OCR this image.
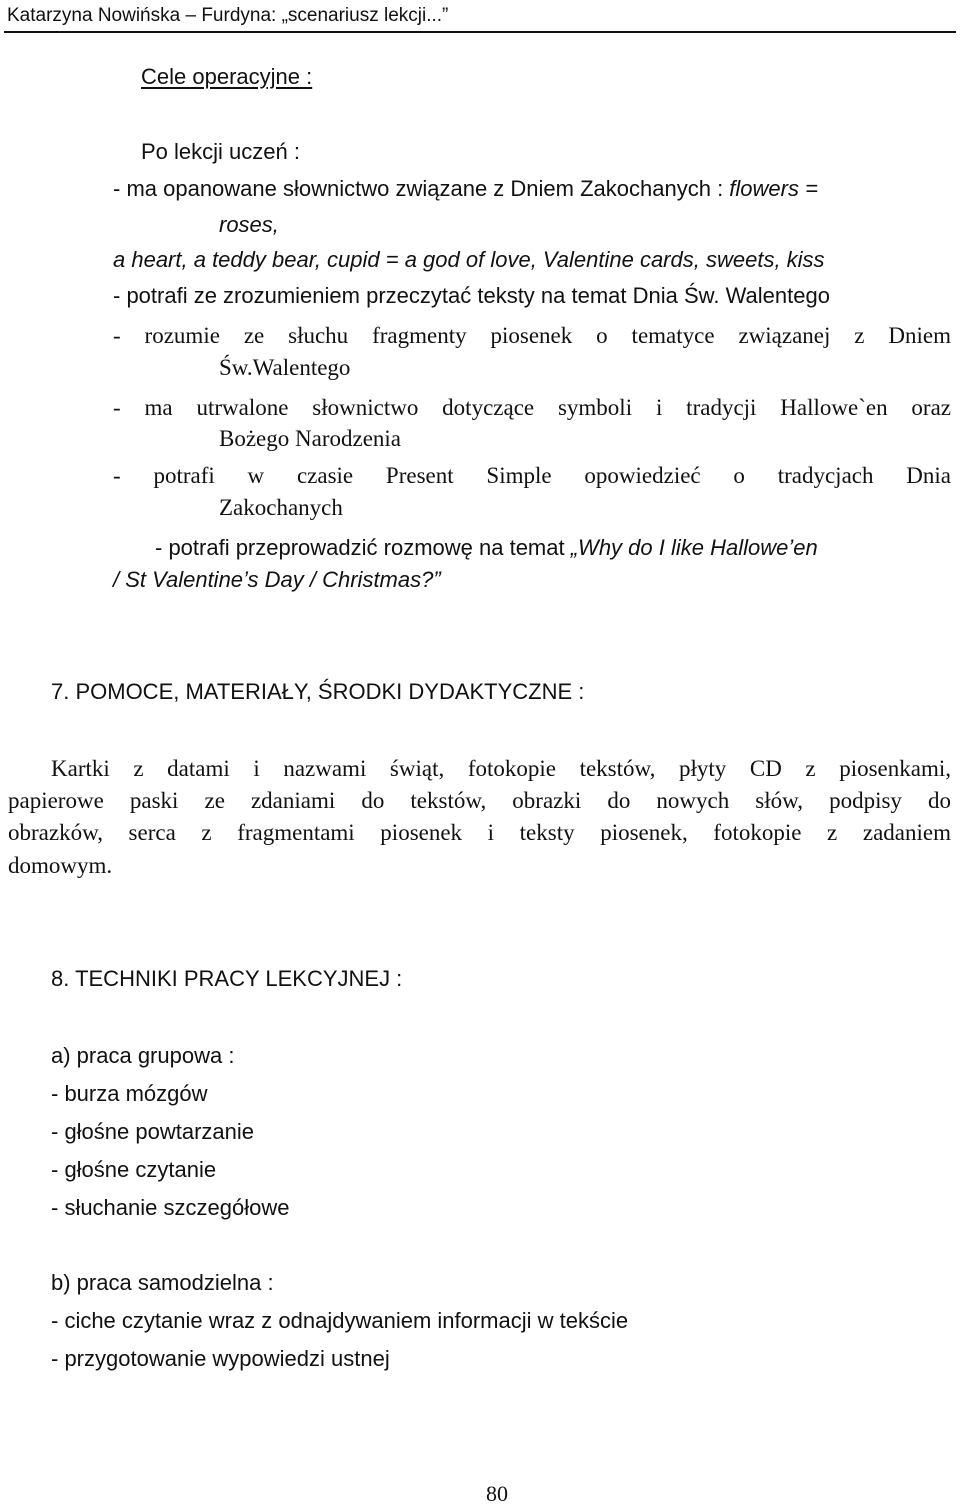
Katarzyna Nowińska – Furdyna: „scenariusz lekcji...”
Cele operacyjne :
Po lekcji uczeń :
- ma opanowane słownictwo związane z Dniem Zakochanych : flowers =
roses,
a heart, a teddy bear, cupid = a god of love, Valentine cards, sweets, kiss
- potrafi ze zrozumieniem przeczytać teksty na temat Dnia Św. Walentego
- rozumie ze słuchu fragmenty piosenek o tematyce związanej z Dniem
Św.Walentego
- ma utrwalone słownictwo dotyczące symboli i tradycji Hallowe`en oraz
Bożego Narodzenia
- potrafi w czasie Present Simple opowiedzieć o tradycjach Dnia
Zakochanych
- potrafi przeprowadzić rozmowę na temat „Why do I like Hallowe’en
/ St Valentine’s Day / Christmas?”
7. POMOCE, MATERIAŁY, ŚRODKI DYDAKTYCZNE :
Kartki z datami i nazwami świąt, fotokopie tekstów, płyty CD z piosenkami,
papierowe paski ze zdaniami do tekstów, obrazki do nowych słów, podpisy do
obrazków, serca z fragmentami piosenek i teksty piosenek, fotokopie z zadaniem
domowym.
8. TECHNIKI PRACY LEKCYJNEJ :
a) praca grupowa :
- burza mózgów
- głośne powtarzanie
- głośne czytanie
- słuchanie szczegółowe
b) praca samodzielna :
- ciche czytanie wraz z odnajdywaniem informacji w tekście
- przygotowanie wypowiedzi ustnej
80
